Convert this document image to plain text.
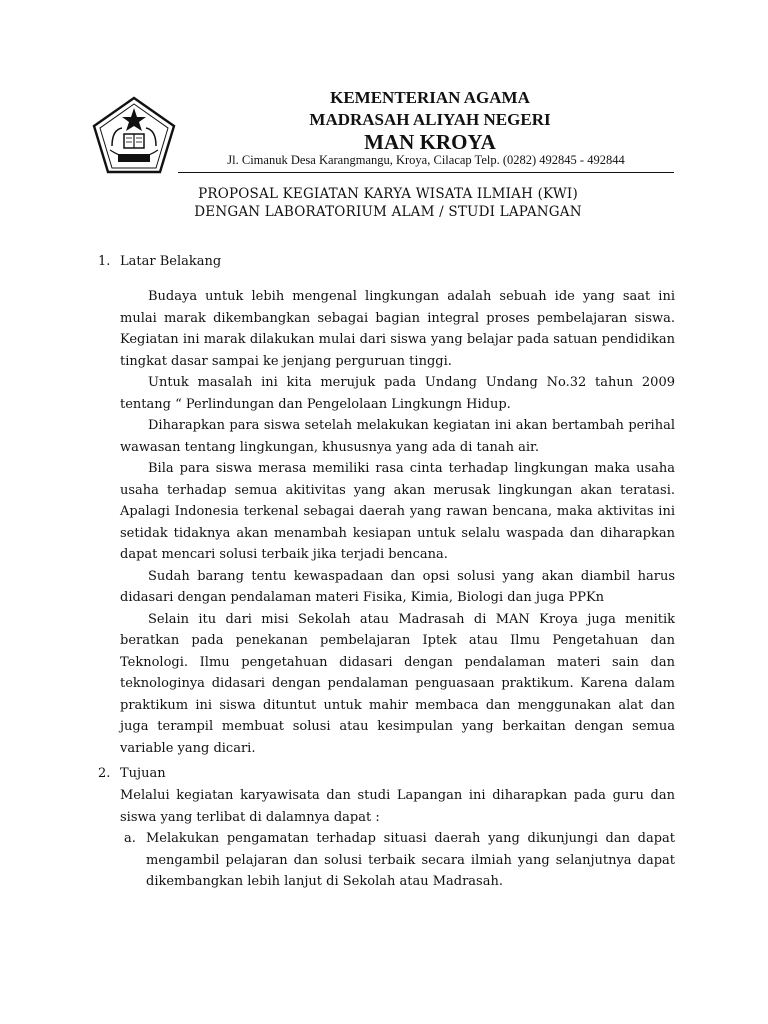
KEMENTERIAN AGAMA
MADRASAH ALIYAH NEGERI
MAN KROYA
Jl. Cimanuk Desa Karangmangu, Kroya, Cilacap Telp. (0282) 492845 - 492844
PROPOSAL KEGIATAN KARYA WISATA ILMIAH (KWI)
DENGAN LABORATORIUM ALAM / STUDI LAPANGAN
1. Latar Belakang

Budaya untuk lebih mengenal lingkungan adalah sebuah ide yang saat ini mulai marak dikembangkan sebagai bagian integral proses pembelajaran siswa. Kegiatan ini marak dilakukan mulai dari siswa yang belajar pada satuan pendidikan tingkat dasar sampai ke jenjang perguruan tinggi.

Untuk masalah ini kita merujuk pada Undang Undang No.32 tahun 2009 tentang “ Perlindungan dan Pengelolaan Lingkungn Hidup.

Diharapkan para siswa setelah melakukan kegiatan ini akan bertambah perihal wawasan tentang lingkungan, khususnya yang ada di tanah air.

Bila para siswa merasa memiliki rasa cinta terhadap lingkungan maka usaha usaha terhadap semua akitivitas yang akan merusak lingkungan akan teratasi. Apalagi Indonesia terkenal sebagai daerah yang rawan bencana, maka aktivitas ini setidak tidaknya akan menambah kesiapan untuk selalu waspada dan diharapkan dapat mencari solusi terbaik jika terjadi bencana.

Sudah barang tentu kewaspadaan dan opsi solusi yang akan diambil harus didasari dengan pendalaman materi Fisika, Kimia, Biologi dan juga PPKn

Selain itu dari misi Sekolah atau Madrasah di MAN Kroya juga menitik beratkan pada penekanan pembelajaran Iptek atau Ilmu Pengetahuan dan Teknologi. Ilmu pengetahuan didasari dengan pendalaman materi sain dan teknologinya didasari dengan pendalaman penguasaan praktikum. Karena dalam praktikum ini siswa dituntut untuk mahir membaca dan menggunakan alat dan juga terampil membuat solusi atau kesimpulan yang berkaitan dengan semua variable yang dicari.

2. Tujuan

Melalui kegiatan karyawisata dan studi Lapangan ini diharapkan pada guru dan siswa yang terlibat di dalamnya dapat :

a. Melakukan pengamatan terhadap situasi daerah yang dikunjungi dan dapat mengambil pelajaran dan solusi terbaik secara ilmiah yang selanjutnya dapat dikembangkan lebih lanjut di Sekolah atau Madrasah.
